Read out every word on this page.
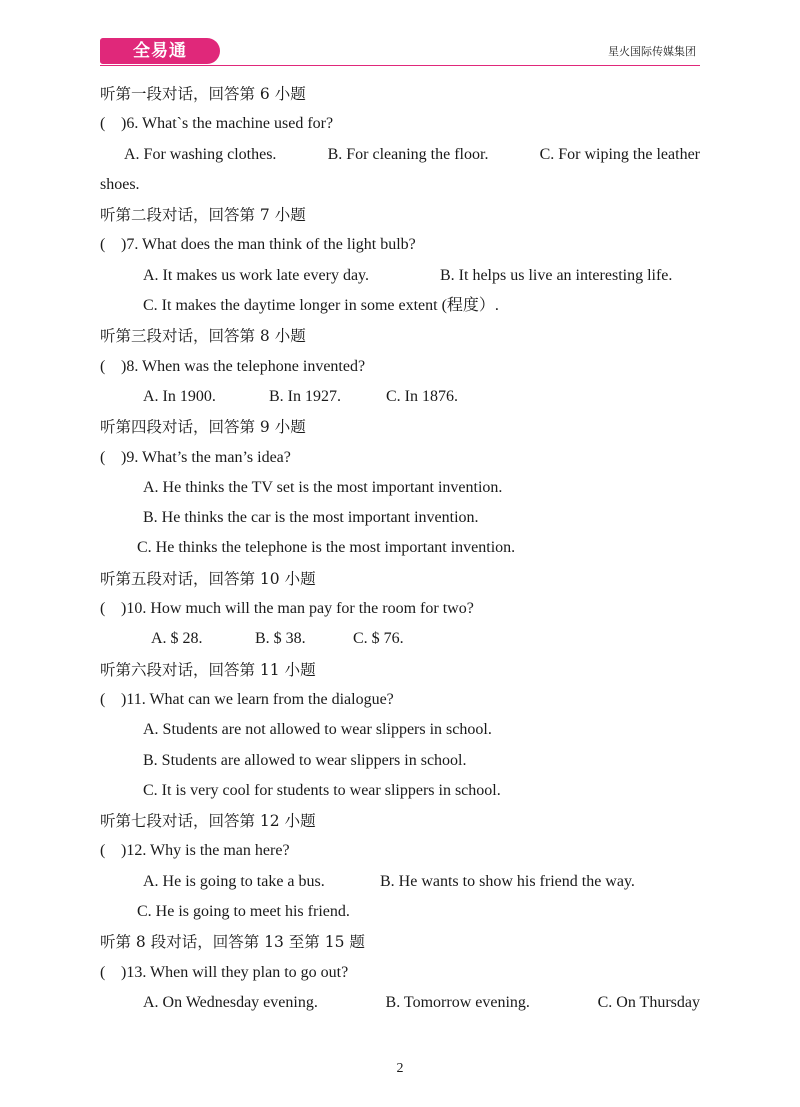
全易通	星火国际传媒集团
听第一段对话，回答第 6 小题
( )6. What`s the machine used for?
A. For washing clothes.	B. For cleaning the floor.	C. For wiping the leather
shoes.
听第二段对话，回答第 7 小题
( )7. What does the man think of the light bulb?
A. It makes us work late every day.	B. It helps us live an interesting life.
C. It makes the daytime longer in some extent (程度）.
听第三段对话，回答第 8 小题
( )8. When was the telephone invented?
A. In 1900.	B. In 1927.	C. In 1876.
听第四段对话，回答第 9 小题
( )9. What’s the man’s idea?
A. He thinks the TV set is the most important invention.
B. He thinks the car is the most important invention.
C. He thinks the telephone is the most important invention.
听第五段对话，回答第 10 小题
( )10. How much will the man pay for the room for two?
A. $ 28.	B. $ 38.	C. $ 76.
听第六段对话，回答第 11 小题
( )11. What can we learn from the dialogue?
A. Students are not allowed to wear slippers in school.
B. Students are allowed to wear slippers in school.
C. It is very cool for students to wear slippers in school.
听第七段对话，回答第 12 小题
( )12. Why is the man here?
A. He is going to take a bus.	B. He wants to show his friend the way.
C. He is going to meet his friend.
听第 8 段对话，回答第 13 至第 15 题
( )13. When will they plan to go out?
A. On Wednesday evening.	B. Tomorrow evening.	C. On Thursday
2
